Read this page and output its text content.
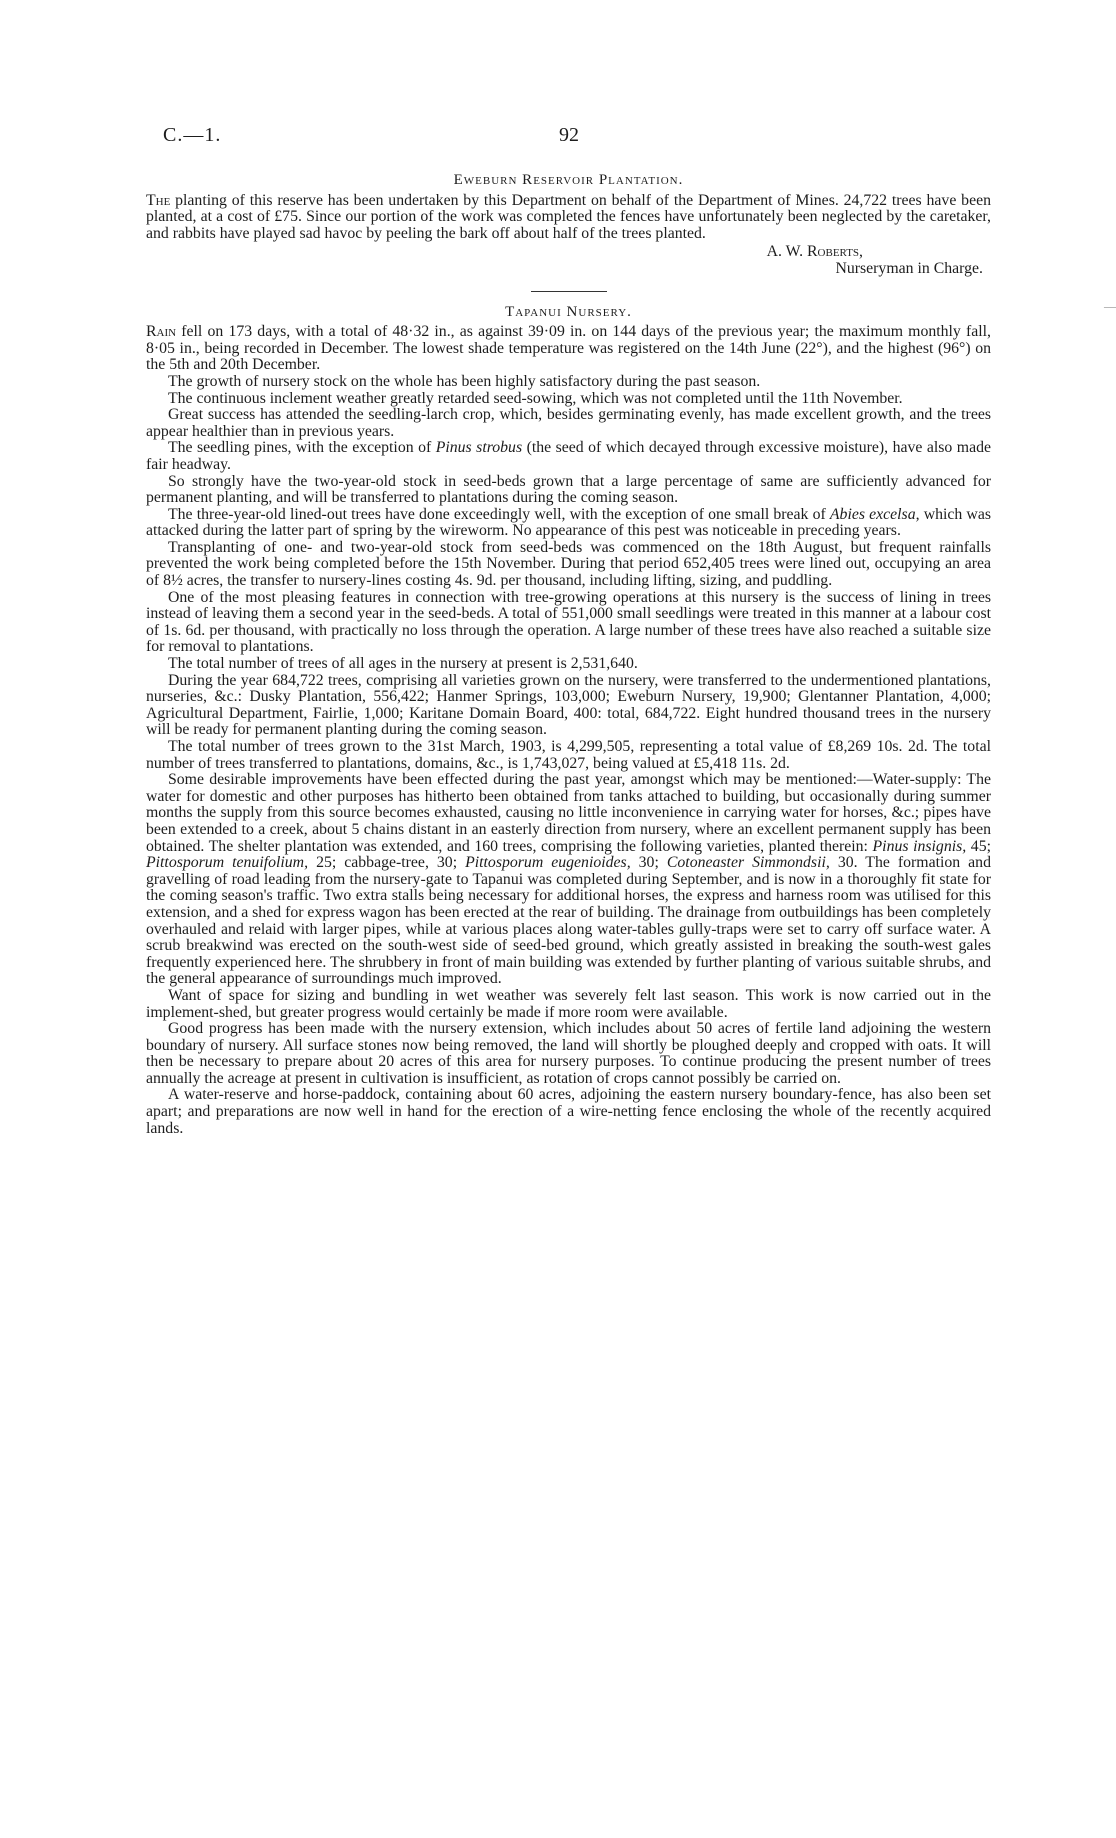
C.—1.	92
Eweburn Reservoir Plantation.

The planting of this reserve has been undertaken by this Department on behalf of the Department of Mines. 24,722 trees have been planted, at a cost of £75. Since our portion of the work was completed the fences have unfortunately been neglected by the caretaker, and rabbits have played sad havoc by peeling the bark off about half of the trees planted.

A. W. Roberts,
Nurseryman in Charge.
Tapanui Nursery.

Rain fell on 173 days, with a total of 48·32 in., as against 39·09 in. on 144 days of the previous year; the maximum monthly fall, 8·05 in., being recorded in December. The lowest shade temperature was registered on the 14th June (22°), and the highest (96°) on the 5th and 20th December.

The growth of nursery stock on the whole has been highly satisfactory during the past season.

The continuous inclement weather greatly retarded seed-sowing, which was not completed until the 11th November.

Great success has attended the seedling-larch crop, which, besides germinating evenly, has made excellent growth, and the trees appear healthier than in previous years.

The seedling pines, with the exception of Pinus strobus (the seed of which decayed through excessive moisture), have also made fair headway.

So strongly have the two-year-old stock in seed-beds grown that a large percentage of same are sufficiently advanced for permanent planting, and will be transferred to plantations during the coming season.

The three-year-old lined-out trees have done exceedingly well, with the exception of one small break of Abies excelsa, which was attacked during the latter part of spring by the wireworm. No appearance of this pest was noticeable in preceding years.

Transplanting of one- and two-year-old stock from seed-beds was commenced on the 18th August, but frequent rainfalls prevented the work being completed before the 15th November. During that period 652,405 trees were lined out, occupying an area of 8½ acres, the transfer to nursery-lines costing 4s. 9d. per thousand, including lifting, sizing, and puddling.

One of the most pleasing features in connection with tree-growing operations at this nursery is the success of lining in trees instead of leaving them a second year in the seed-beds. A total of 551,000 small seedlings were treated in this manner at a labour cost of 1s. 6d. per thousand, with practically no loss through the operation. A large number of these trees have also reached a suitable size for removal to plantations.

The total number of trees of all ages in the nursery at present is 2,531,640.

During the year 684,722 trees, comprising all varieties grown on the nursery, were transferred to the undermentioned plantations, nurseries, &c.: Dusky Plantation, 556,422; Hanmer Springs, 103,000; Eweburn Nursery, 19,900; Glentanner Plantation, 4,000; Agricultural Department, Fairlie, 1,000; Karitane Domain Board, 400: total, 684,722. Eight hundred thousand trees in the nursery will be ready for permanent planting during the coming season.

The total number of trees grown to the 31st March, 1903, is 4,299,505, representing a total value of £8,269 10s. 2d. The total number of trees transferred to plantations, domains, &c., is 1,743,027, being valued at £5,418 11s. 2d.

Some desirable improvements have been effected during the past year, amongst which may be mentioned:—Water-supply: The water for domestic and other purposes has hitherto been obtained from tanks attached to building, but occasionally during summer months the supply from this source becomes exhausted, causing no little inconvenience in carrying water for horses, &c.; pipes have been extended to a creek, about 5 chains distant in an easterly direction from nursery, where an excellent permanent supply has been obtained. The shelter plantation was extended, and 160 trees, comprising the following varieties, planted therein: Pinus insignis, 45; Pittosporum tenuifolium, 25; cabbage-tree, 30; Pittosporum eugenioides, 30; Cotoneaster Simmondsii, 30. The formation and gravelling of road leading from the nursery-gate to Tapanui was completed during September, and is now in a thoroughly fit state for the coming season's traffic. Two extra stalls being necessary for additional horses, the express and harness room was utilised for this extension, and a shed for express wagon has been erected at the rear of building. The drainage from outbuildings has been completely overhauled and relaid with larger pipes, while at various places along water-tables gully-traps were set to carry off surface water. A scrub breakwind was erected on the south-west side of seed-bed ground, which greatly assisted in breaking the south-west gales frequently experienced here. The shrubbery in front of main building was extended by further planting of various suitable shrubs, and the general appearance of surroundings much improved.

Want of space for sizing and bundling in wet weather was severely felt last season. This work is now carried out in the implement-shed, but greater progress would certainly be made if more room were available.

Good progress has been made with the nursery extension, which includes about 50 acres of fertile land adjoining the western boundary of nursery. All surface stones now being removed, the land will shortly be ploughed deeply and cropped with oats. It will then be necessary to prepare about 20 acres of this area for nursery purposes. To continue producing the present number of trees annually the acreage at present in cultivation is insufficient, as rotation of crops cannot possibly be carried on.

A water-reserve and horse-paddock, containing about 60 acres, adjoining the eastern nursery boundary-fence, has also been set apart; and preparations are now well in hand for the erection of a wire-netting fence enclosing the whole of the recently acquired lands.

—
